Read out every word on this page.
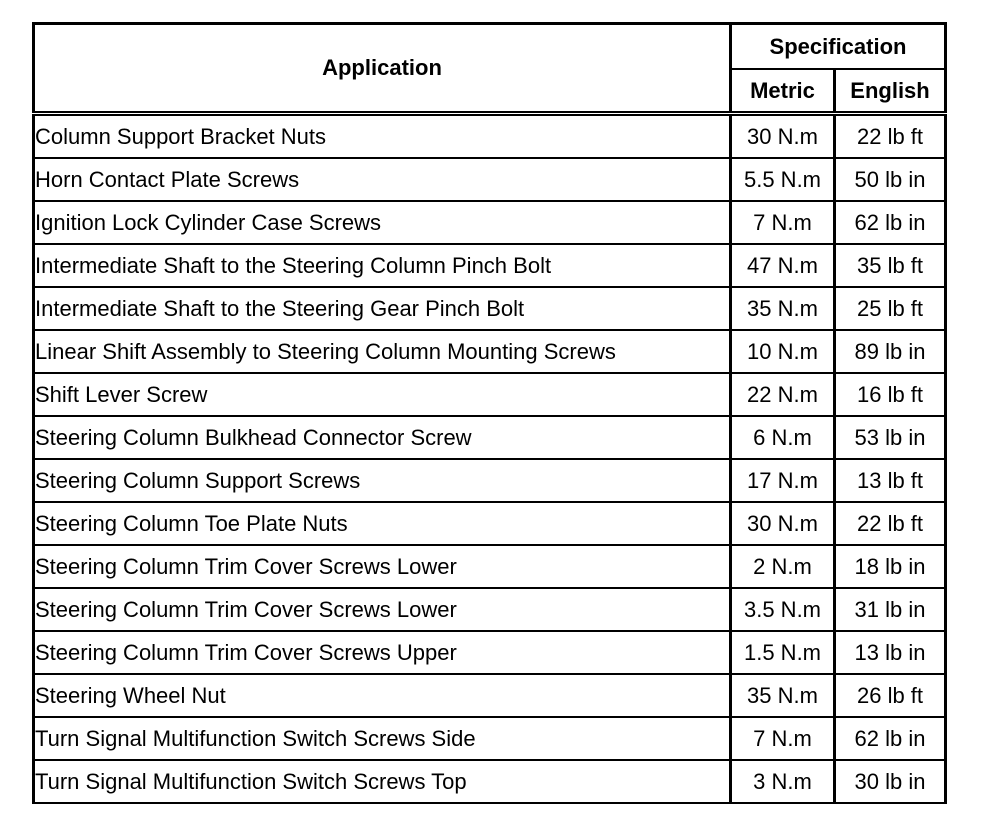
Application	Specification	
	Metric	English
Column Support Bracket Nuts	30 N.m	22 lb ft
Horn Contact Plate Screws	5.5 N.m	50 lb in
Ignition Lock Cylinder Case Screws	7 N.m	62 lb in
Intermediate Shaft to the Steering Column Pinch Bolt	47 N.m	35 lb ft
Intermediate Shaft to the Steering Gear Pinch Bolt	35 N.m	25 lb ft
Linear Shift Assembly to Steering Column Mounting Screws	10 N.m	89 lb in
Shift Lever Screw	22 N.m	16 lb ft
Steering Column Bulkhead Connector Screw	6 N.m	53 lb in
Steering Column Support Screws	17 N.m	13 lb ft
Steering Column Toe Plate Nuts	30 N.m	22 lb ft
Steering Column Trim Cover Screws Lower	2 N.m	18 lb in
Steering Column Trim Cover Screws Lower	3.5 N.m	31 lb in
Steering Column Trim Cover Screws Upper	1.5 N.m	13 lb in
Steering Wheel Nut	35 N.m	26 lb ft
Turn Signal Multifunction Switch Screws Side	7 N.m	62 lb in
Turn Signal Multifunction Switch Screws Top	3 N.m	30 lb in
